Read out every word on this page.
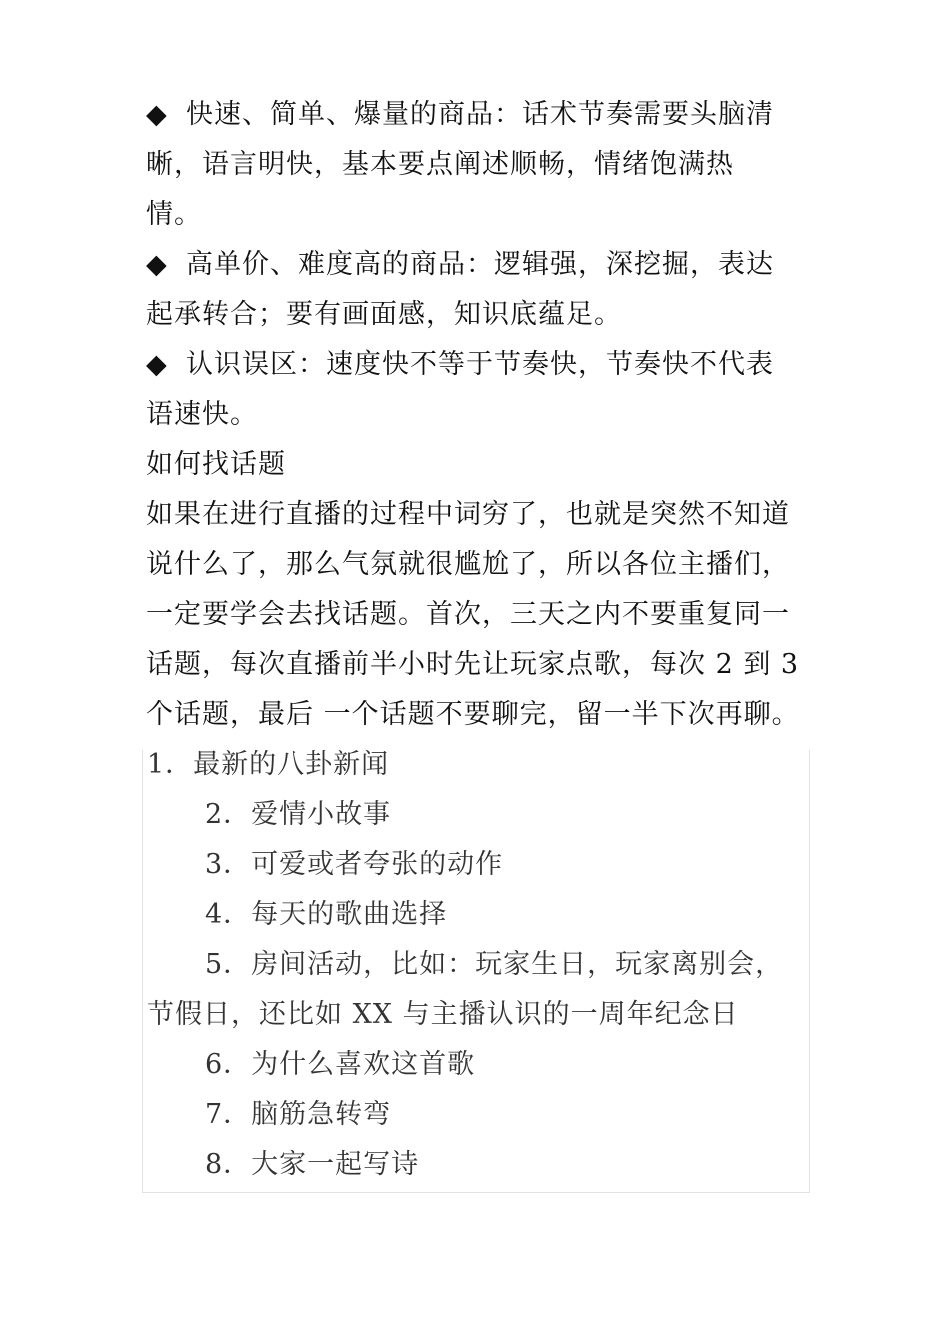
◆ 快速、简单、爆量的商品：话术节奏需要头脑清
晰，语言明快，基本要点阐述顺畅，情绪饱满热
情。
◆ 高单价、难度高的商品：逻辑强，深挖掘，表达
起承转合；要有画面感，知识底蕴足。
◆ 认识误区：速度快不等于节奏快，节奏快不代表
语速快。
如何找话题
如果在进行直播的过程中词穷了，也就是突然不知道
说什么了，那么气氛就很尴尬了，所以各位主播们，
一定要学会去找话题。首次，三天之内不要重复同一
话题，每次直播前半小时先让玩家点歌，每次 2 到 3
个话题，最后 一个话题不要聊完，留一半下次再聊。
1．最新的八卦新闻
2．爱情小故事
3．可爱或者夸张的动作
4．每天的歌曲选择
5．房间活动，比如：玩家生日，玩家离别会，
节假日，还比如 XX 与主播认识的一周年纪念日
6．为什么喜欢这首歌
7．脑筋急转弯
8．大家一起写诗
